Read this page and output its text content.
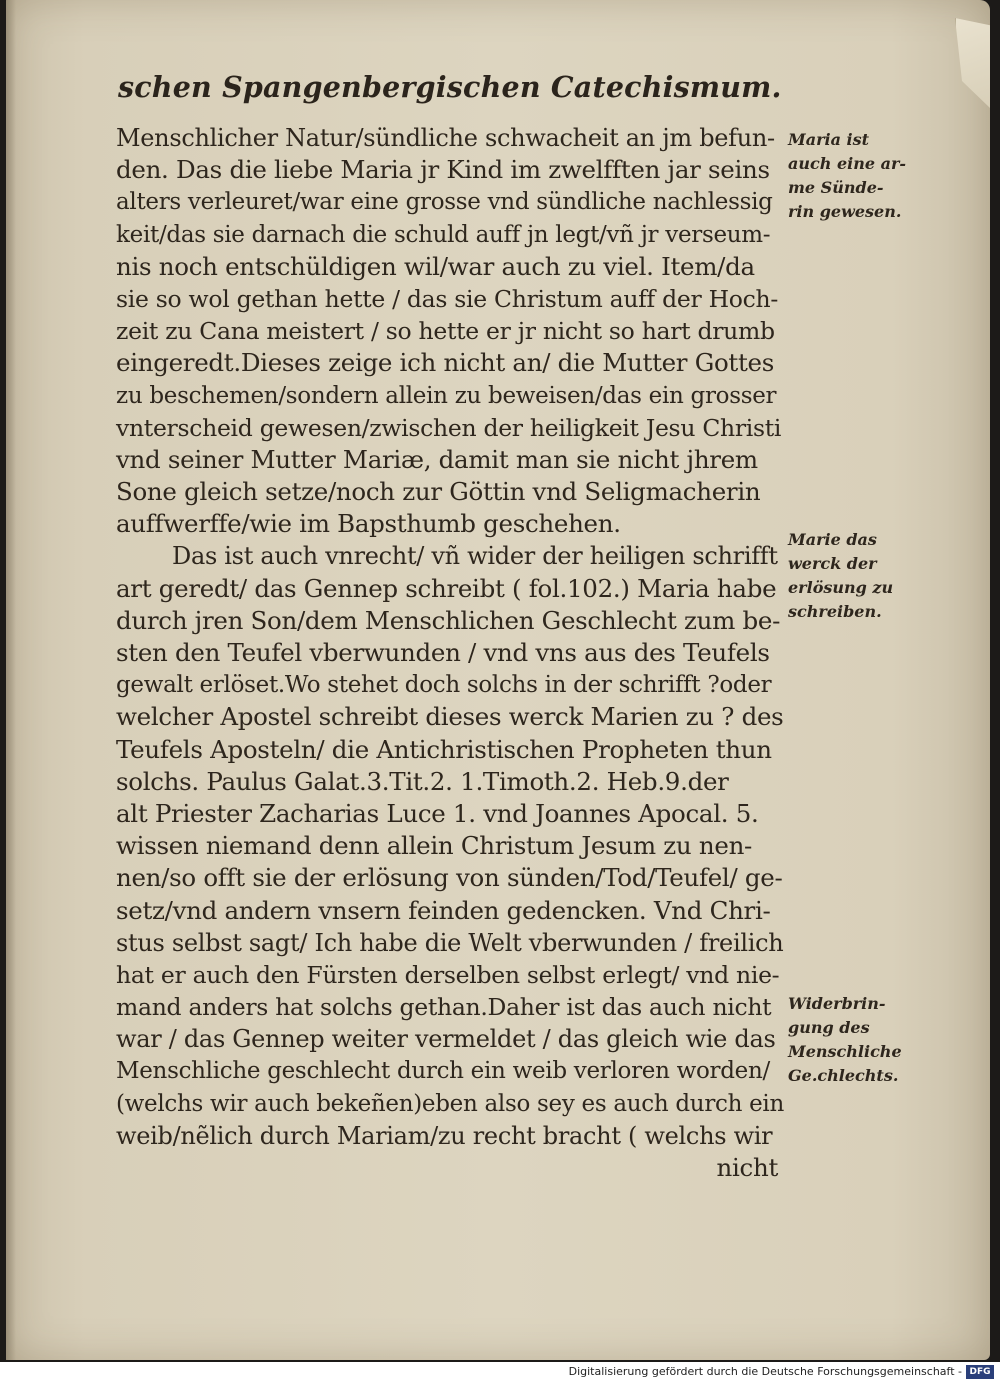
schen Spangenbergischen Catechismum.
Menschlicher Natur/sündliche schwacheit an jm befun-
den. Das die liebe Maria jr Kind im zwelfften jar seins
alters verleuret/war eine grosse vnd sündliche nachlessig
keit/das sie darnach die schuld auff jn legt/vñ jr verseum-
nis noch entschüldigen wil/war auch zu viel. Item/da
sie so wol gethan hette / das sie Christum auff der Hoch-
zeit zu Cana meistert / so hette er jr nicht so hart drumb
eingeredt.Dieses zeige ich nicht an/ die Mutter Gottes
zu beschemen/sondern allein zu beweisen/das ein grosser
vnterscheid gewesen/zwischen der heiligkeit Jesu Christi
vnd seiner Mutter Mariæ, damit man sie nicht jhrem
Sone gleich setze/noch zur Göttin vnd Seligmacherin
auffwerffe/wie im Bapsthumb geschehen.
Das ist auch vnrecht/ vñ wider der heiligen schrifft
art geredt/ das Gennep schreibt ( fol.102.) Maria habe
durch jren Son/dem Menschlichen Geschlecht zum be-
sten den Teufel vberwunden / vnd vns aus des Teufels
gewalt erlöset.Wo stehet doch solchs in der schrifft ?oder
welcher Apostel schreibt dieses werck Marien zu ? des
Teufels Aposteln/ die Antichristischen Propheten thun
solchs. Paulus Galat.3.Tit.2. 1.Timoth.2. Heb.9.der
alt Priester Zacharias Luce 1. vnd Joannes Apocal. 5.
wissen niemand denn allein Christum Jesum zu nen-
nen/so offt sie der erlösung von sünden/Tod/Teufel/ ge-
setz/vnd andern vnsern feinden gedencken. Vnd Chri-
stus selbst sagt/ Ich habe die Welt vberwunden / freilich
hat er auch den Fürsten derselben selbst erlegt/ vnd nie-
mand anders hat solchs gethan.Daher ist das auch nicht
war / das Gennep weiter vermeldet / das gleich wie das
Menschliche geschlecht durch ein weib verloren worden/
(welchs wir auch bekeñen)eben also sey es auch durch ein
weib/nẽlich durch Mariam/zu recht bracht ( welchs wir
nicht
Maria ist
auch eine ar-
me Sünde-
rin gewesen.
Marie das
werck der
erlösung zu
schreiben.
Widerbrin-
gung des
Menschliche
Ge.chlechts.
Digitalisierung gefördert durch die Deutsche Forschungsgemeinschaft - DFG
